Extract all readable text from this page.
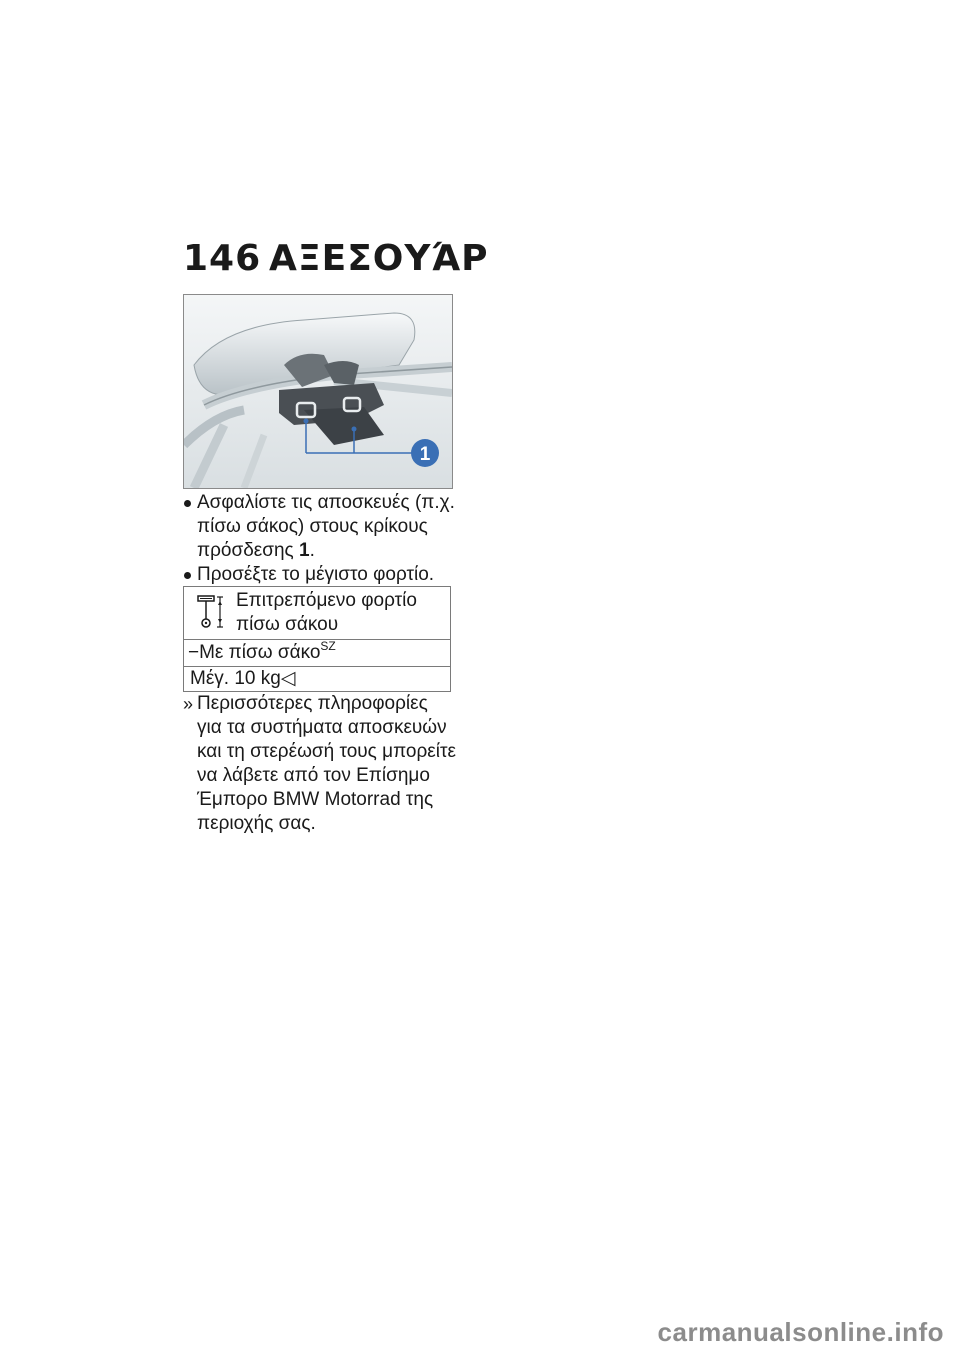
146 ΑΞΕΣΟΥΆΡ
1
Ασφαλίστε τις αποσκευές (π.χ.
πίσω σάκος) στους κρίκους
πρόσδεσης 1.
Προσέξτε το μέγιστο φορτίο.
Επιτρεπόμενο φορτίο
πίσω σάκου
−Με πίσω σάκο$^{SZ}$
Μέγ. 10 kg◁
» Περισσότερες πληροφορίες
για τα συστήματα αποσκευών
και τη στερέωσή τους μπορείτε
να λάβετε από τον Επίσημο
Έμπορο BMW Motorrad της
περιοχής σας.
carmanualsonline.info
